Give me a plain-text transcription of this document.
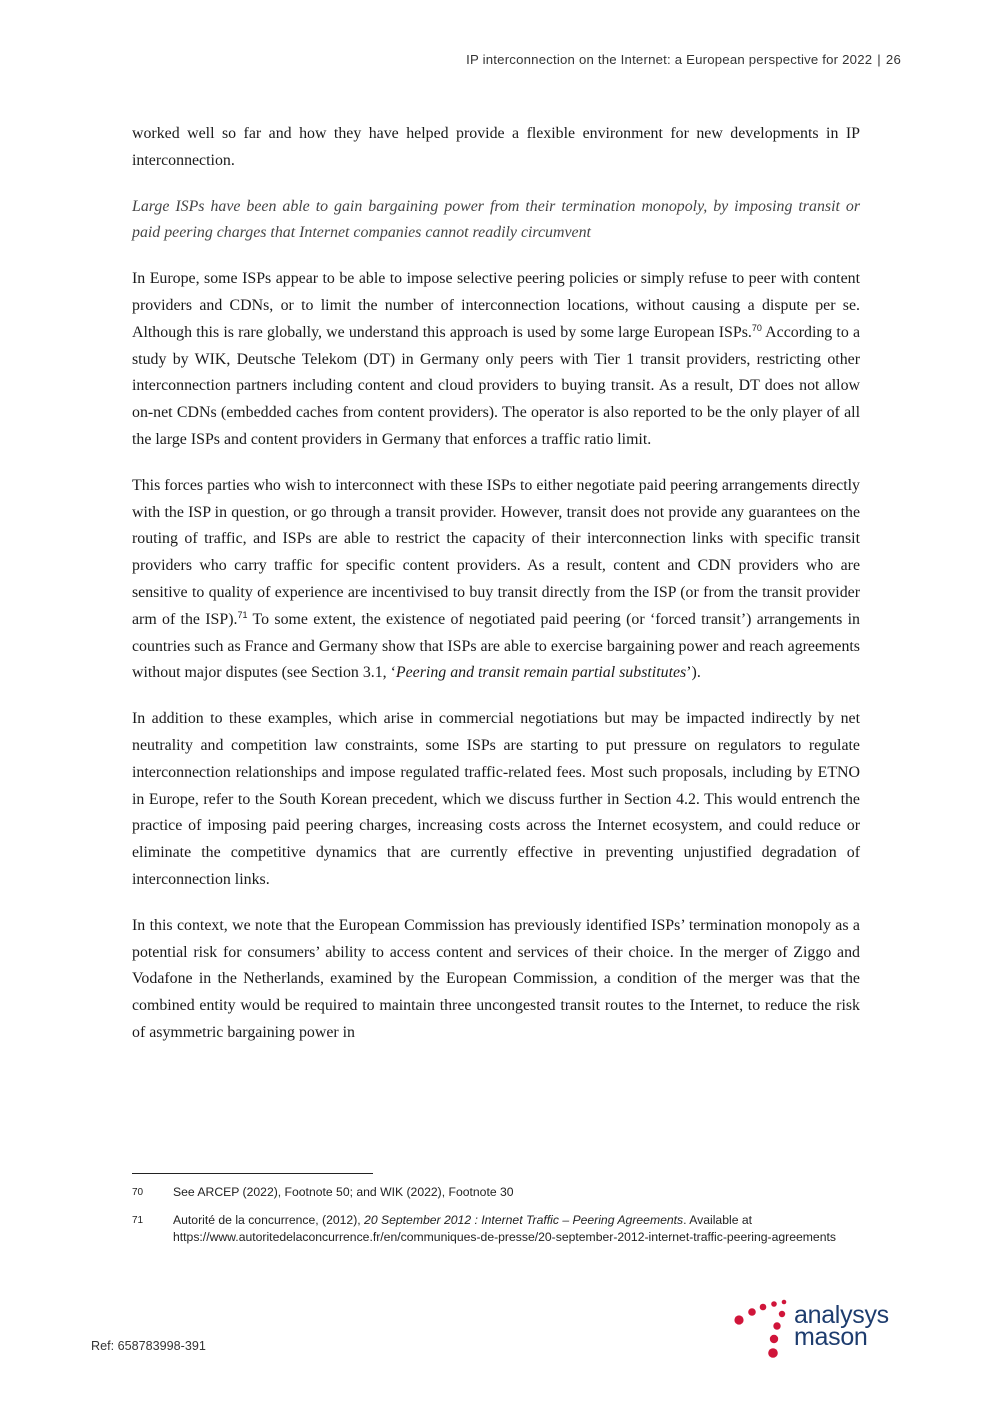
IP interconnection on the Internet: a European perspective for 2022 | 26

worked well so far and how they have helped provide a flexible environment for new developments in IP interconnection.

Large ISPs have been able to gain bargaining power from their termination monopoly, by imposing transit or paid peering charges that Internet companies cannot readily circumvent

In Europe, some ISPs appear to be able to impose selective peering policies or simply refuse to peer with content providers and CDNs, or to limit the number of interconnection locations, without causing a dispute per se. Although this is rare globally, we understand this approach is used by some large European ISPs.$^{70}$ According to a study by WIK, Deutsche Telekom (DT) in Germany only peers with Tier 1 transit providers, restricting other interconnection partners including content and cloud providers to buying transit. As a result, DT does not allow on-net CDNs (embedded caches from content providers). The operator is also reported to be the only player of all the large ISPs and content providers in Germany that enforces a traffic ratio limit.

This forces parties who wish to interconnect with these ISPs to either negotiate paid peering arrangements directly with the ISP in question, or go through a transit provider. However, transit does not provide any guarantees on the routing of traffic, and ISPs are able to restrict the capacity of their interconnection links with specific transit providers who carry traffic for specific content providers. As a result, content and CDN providers who are sensitive to quality of experience are incentivised to buy transit directly from the ISP (or from the transit provider arm of the ISP).$^{71}$ To some extent, the existence of negotiated paid peering (or ‘forced transit’) arrangements in countries such as France and Germany show that ISPs are able to exercise bargaining power and reach agreements without major disputes (see Section 3.1, ‘Peering and transit remain partial substitutes’).

In addition to these examples, which arise in commercial negotiations but may be impacted indirectly by net neutrality and competition law constraints, some ISPs are starting to put pressure on regulators to regulate interconnection relationships and impose regulated traffic-related fees. Most such proposals, including by ETNO in Europe, refer to the South Korean precedent, which we discuss further in Section 4.2. This would entrench the practice of imposing paid peering charges, increasing costs across the Internet ecosystem, and could reduce or eliminate the competitive dynamics that are currently effective in preventing unjustified degradation of interconnection links.

In this context, we note that the European Commission has previously identified ISPs’ termination monopoly as a potential risk for consumers’ ability to access content and services of their choice. In the merger of Ziggo and Vodafone in the Netherlands, examined by the European Commission, a condition of the merger was that the combined entity would be required to maintain three uncongested transit routes to the Internet, to reduce the risk of asymmetric bargaining power in

70	See ARCEP (2022), Footnote 50; and WIK (2022), Footnote 30
71	Autorité de la concurrence, (2012), 20 September 2012 : Internet Traffic – Peering Agreements. Available at https://www.autoritedelaconcurrence.fr/en/communiques-de-presse/20-september-2012-internet-traffic-peering-agreements
Ref: 658783998-391
analysys
mason
